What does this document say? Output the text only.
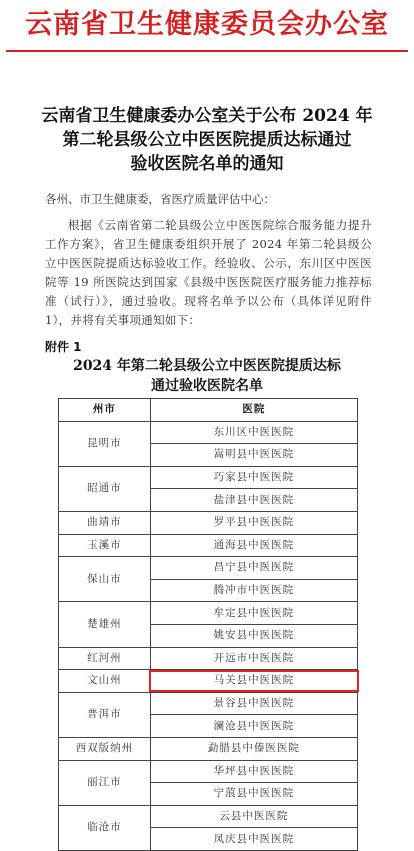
云南省卫生健康委员会办公室
云南省卫生健康委办公室关于公布 2024 年
第二轮县级公立中医医院提质达标通过
验收医院名单的通知
各州、市卫生健康委，省医疗质量评估中心：
根据《云南省第二轮县级公立中医医院综合服务能力提升工作方案》，省卫生健康委组织开展了 2024 年第二轮县级公立中医医院提质达标验收工作。经验收、公示，东川区中医医院等 19 所医院达到国家《县级中医医院医疗服务能力推荐标准（试行）》，通过验收。现将名单予以公布（具体详见附件 1），并将有关事项通知如下：
附件 1
2024 年第二轮县级公立中医医院提质达标
通过验收医院名单
州市	医院
昆明市	东川区中医医院
	嵩明县中医医院
昭通市	巧家县中医医院
	盐津县中医医院
曲靖市	罗平县中医医院
玉溪市	通海县中医医院
保山市	昌宁县中医医院
	腾冲市中医医院
楚雄州	牟定县中医医院
	姚安县中医医院
红河州	开远市中医医院
文山州	马关县中医医院
普洱市	景谷县中医医院
	澜沧县中医医院
西双版纳州	勐腊县中傣医医院
丽江市	华坪县中医医院
	宁蒗县中医医院
临沧市	云县中医医院
	凤庆县中医医院
